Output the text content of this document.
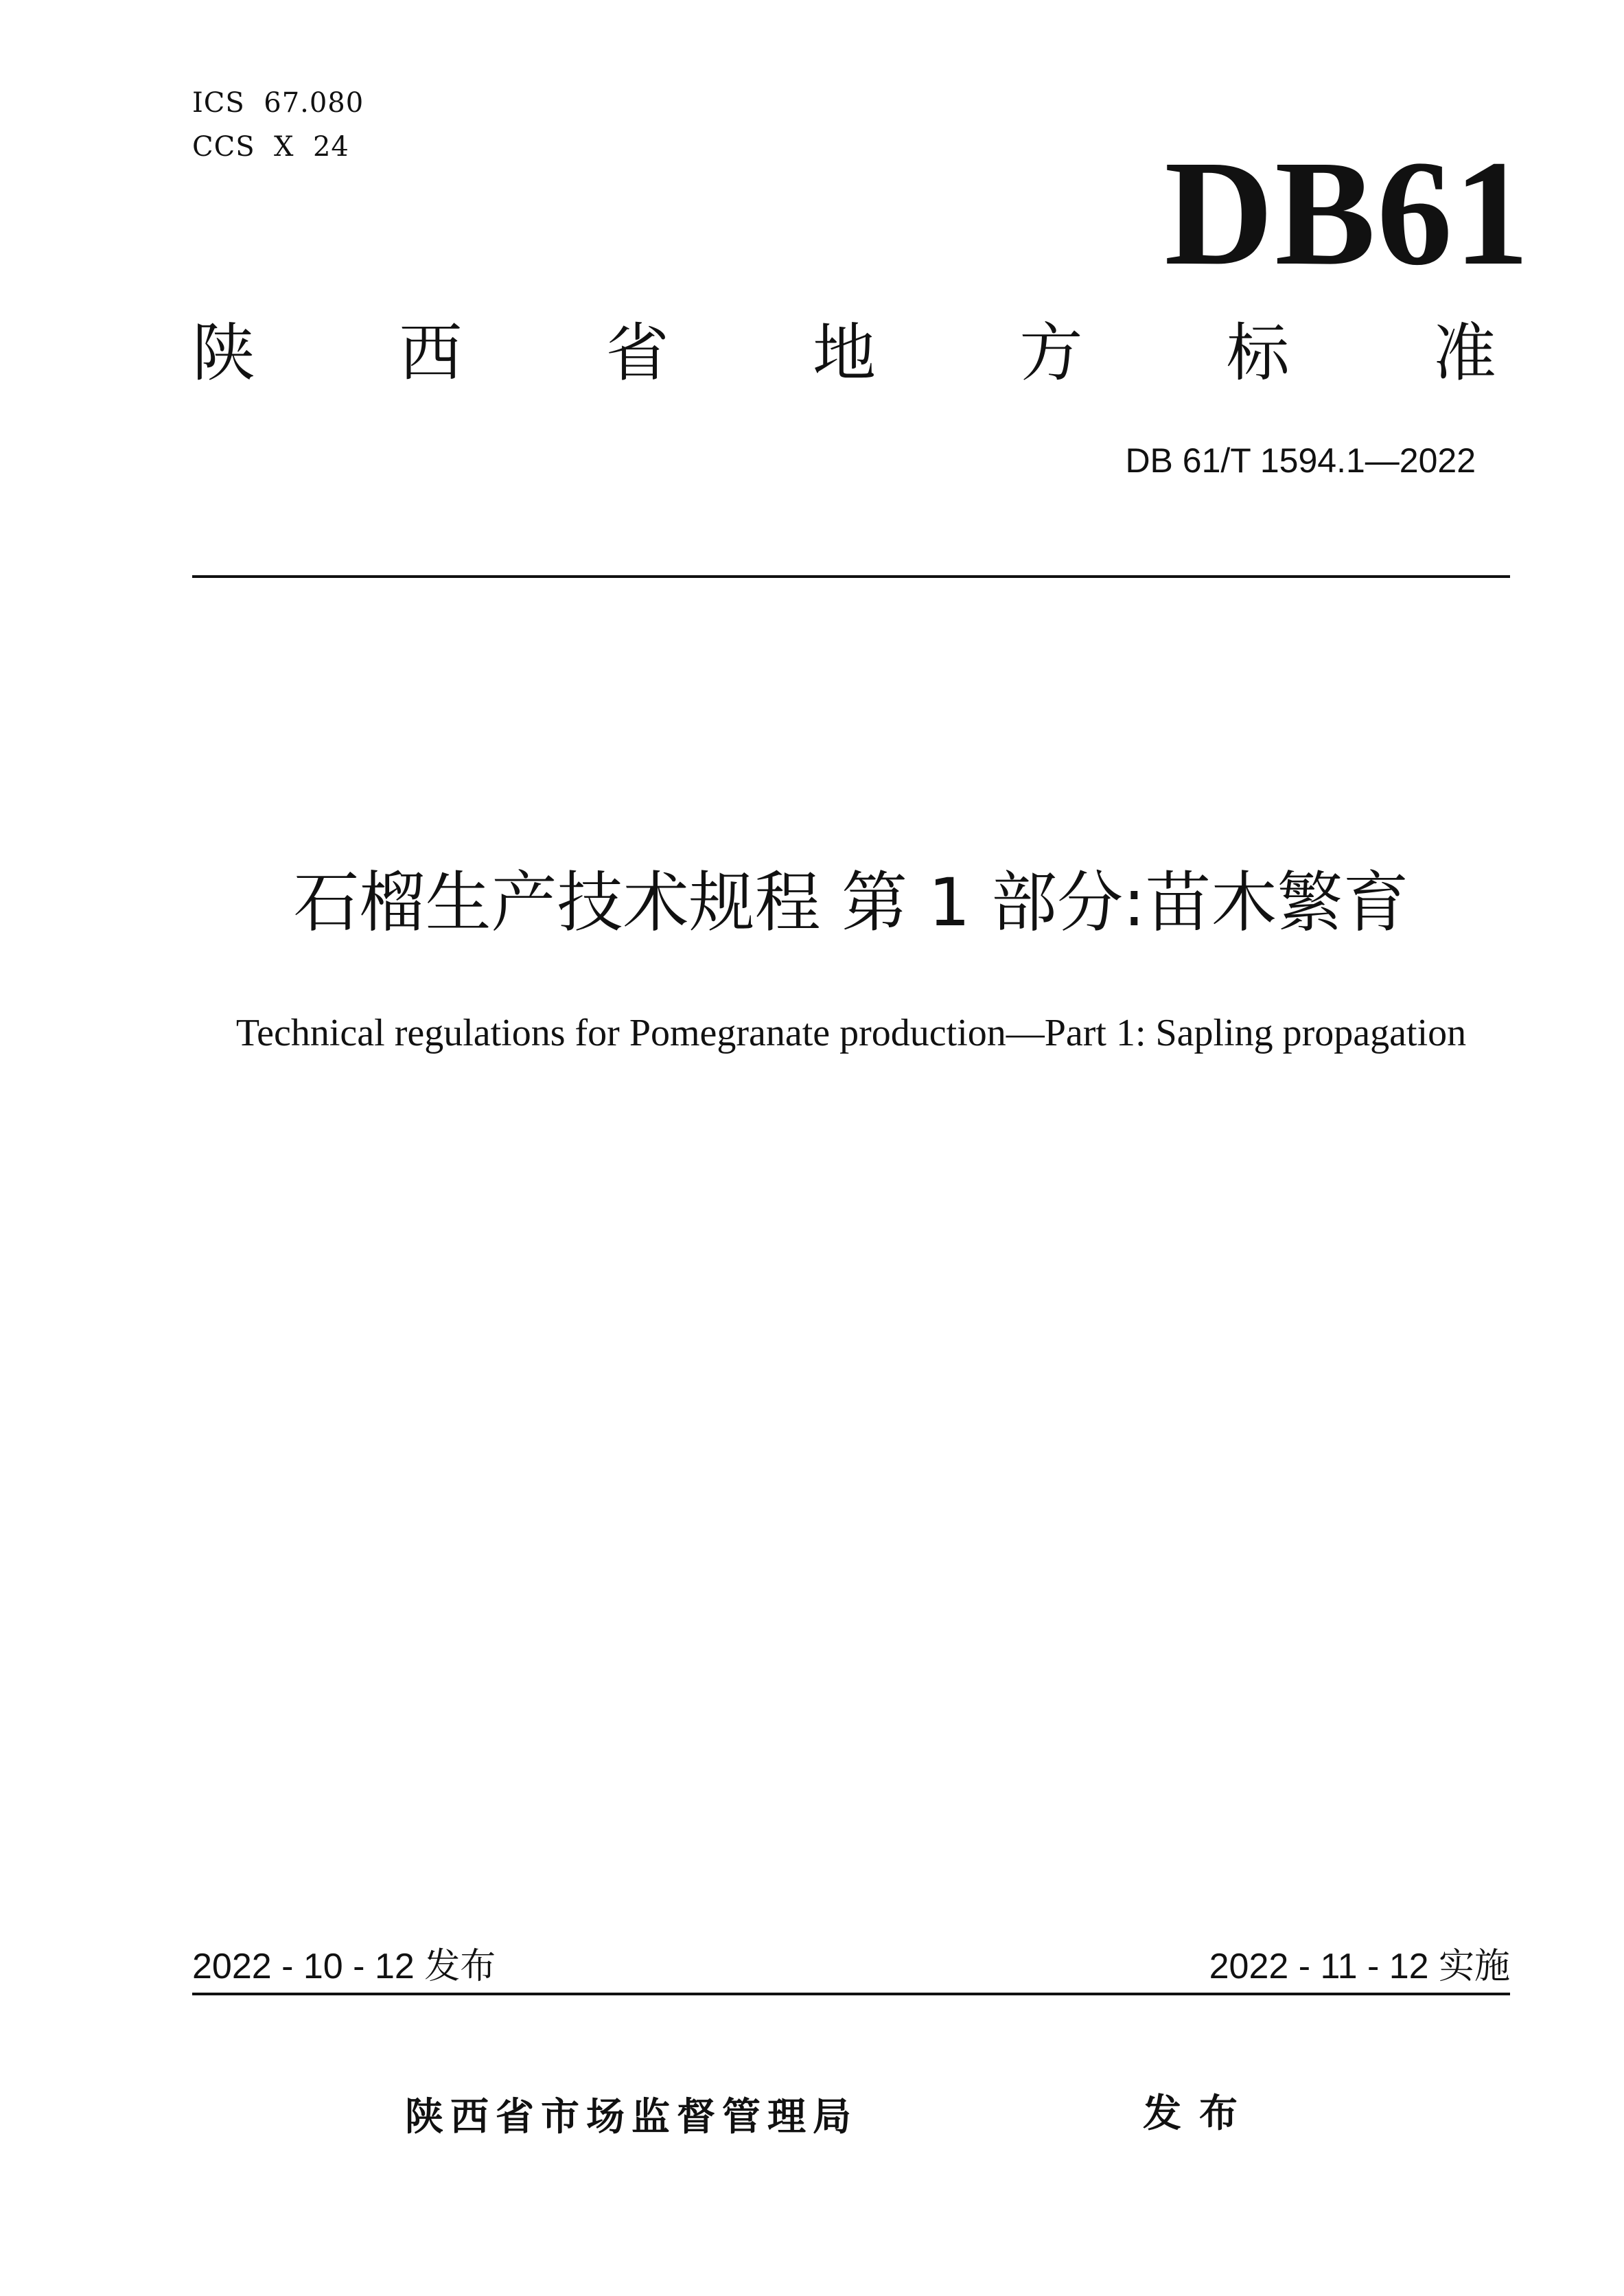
ICS  67.080
CCS  X  24	DB61
陕 西 省 地 方 标 准
DB 61/T 1594.1—2022
石榴生产技术规程 第 1 部分:苗木繁育
Technical regulations for Pomegranate production—Part 1: Sapling propagation
2022 - 10 - 12 发布	2022 - 11 - 12 实施
陕西省市场监督管理局	发布
